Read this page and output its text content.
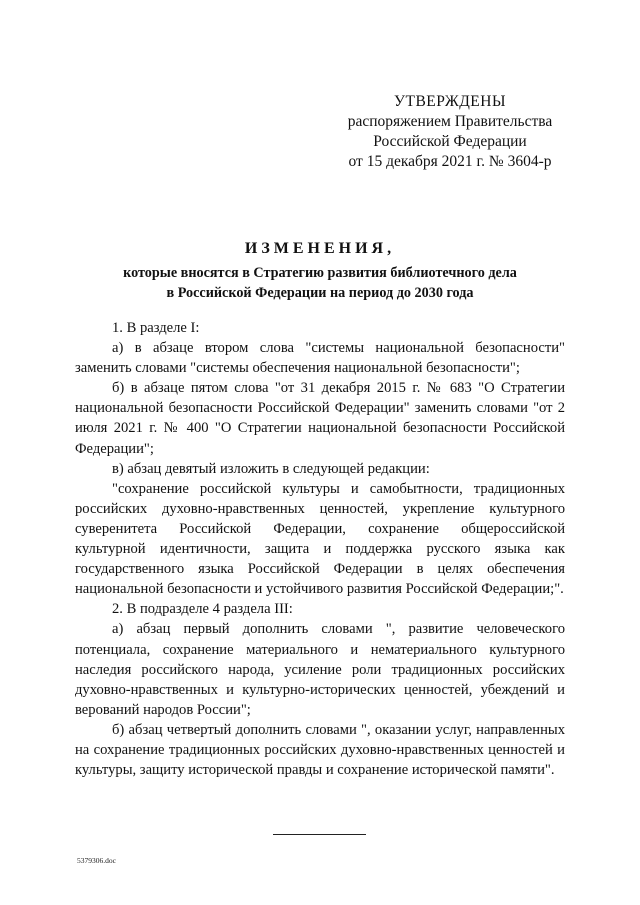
УТВЕРЖДЕНЫ
распоряжением Правительства
Российской Федерации
от 15 декабря 2021 г. № 3604-р
ИЗМЕНЕНИЯ,
которые вносятся в Стратегию развития библиотечного дела
в Российской Федерации на период до 2030 года

1. В разделе I:

а) в абзаце втором слова "системы национальной безопасности" заменить словами "системы обеспечения национальной безопасности";

б) в абзаце пятом слова "от 31 декабря 2015 г. № 683 "О Стратегии национальной безопасности Российской Федерации" заменить словами "от 2 июля 2021 г. № 400 "О Стратегии национальной безопасности Российской Федерации";

в) абзац девятый изложить в следующей редакции:

"сохранение российской культуры и самобытности, традиционных российских духовно-нравственных ценностей, укрепление культурного суверенитета Российской Федерации, сохранение общероссийской культурной идентичности, защита и поддержка русского языка как государственного языка Российской Федерации в целях обеспечения национальной безопасности и устойчивого развития Российской Федерации;".

2. В подразделе 4 раздела III:

а) абзац первый дополнить словами ", развитие человеческого потенциала, сохранение материального и нематериального культурного наследия российского народа, усиление роли традиционных российских духовно-нравственных и культурно-исторических ценностей, убеждений и верований народов России";

б) абзац четвертый дополнить словами ", оказании услуг, направленных на сохранение традиционных российских духовно-нравственных ценностей и культуры, защиту исторической правды и сохранение исторической памяти".

5379306.doc
